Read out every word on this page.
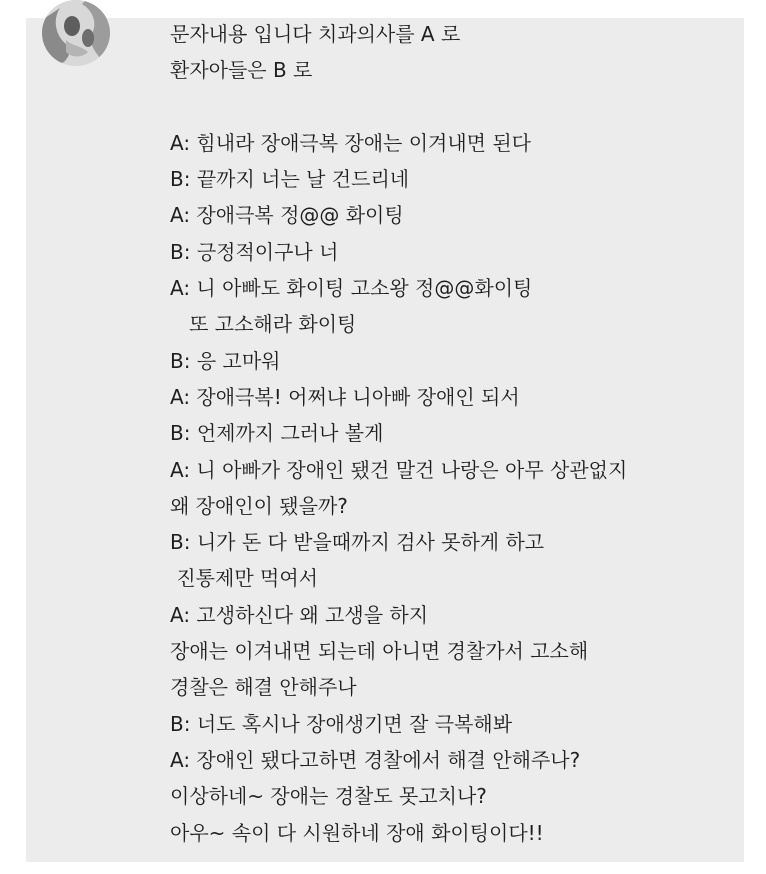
문자내용 입니다 치과의사를 A 로
환자아들은 B 로
A: 힘내라 장애극복 장애는 이겨내면 된다
B: 끝까지 너는 날 건드리네
A: 장애극복 정@@ 화이팅
B: 긍정적이구나 너
A: 니 아빠도 화이팅 고소왕 정@@화이팅
또 고소해라 화이팅
B: 응 고마워
A: 장애극복! 어쩌냐 니아빠 장애인 되서
B: 언제까지 그러나 볼게
A: 니 아빠가 장애인 됐건 말건 나랑은 아무 상관없지
왜 장애인이 됐을까?
B: 니가 돈 다 받을때까지 검사 못하게 하고
진통제만 먹여서
A: 고생하신다 왜 고생을 하지
장애는 이겨내면 되는데 아니면 경찰가서 고소해
경찰은 해결 안해주나
B: 너도 혹시나 장애생기면 잘 극복해봐
A: 장애인 됐다고하면 경찰에서 해결 안해주나?
이상하네~ 장애는 경찰도 못고치나?
아우~ 속이 다 시원하네 장애 화이팅이다!!
